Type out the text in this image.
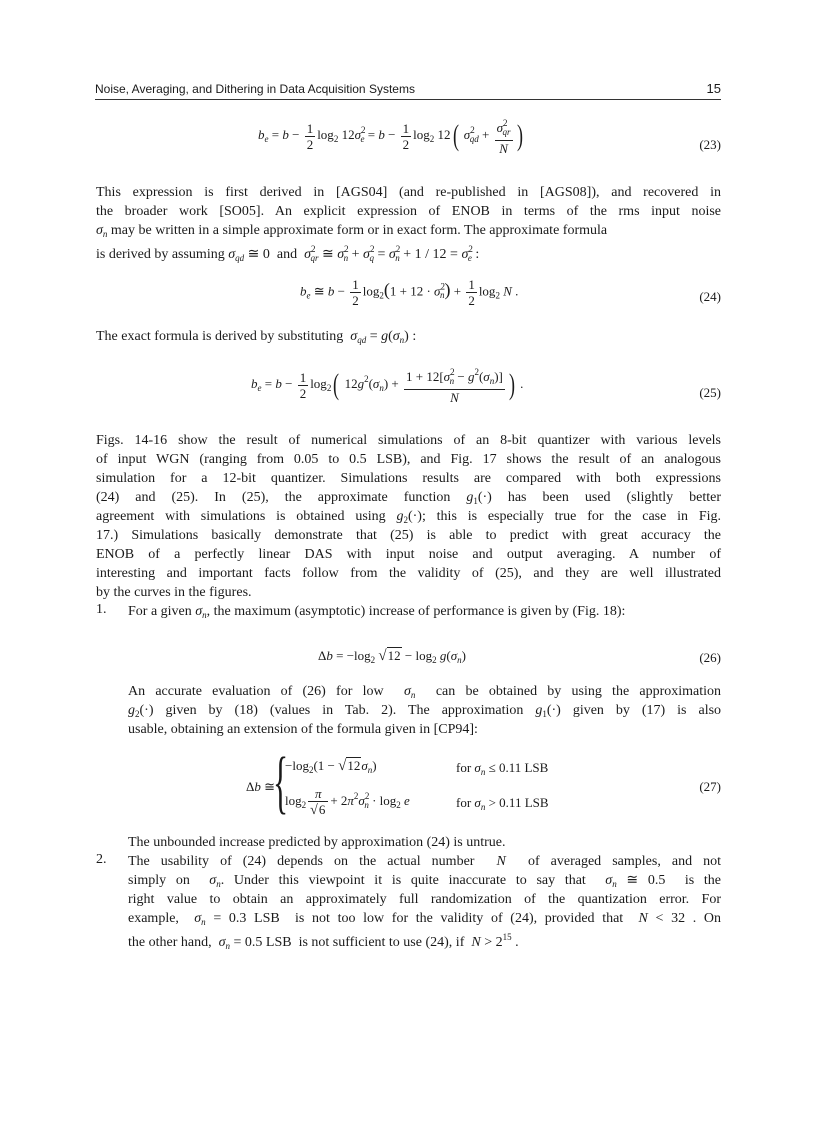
Noise, Averaging, and Dithering in Data Acquisition Systems	15
$b_e = b - \frac{1}{2} \log_2 12\sigma^2_e = b - \frac{1}{2} \log_2 12$( $\sigma^2_{qd} + \frac{\sigma^2_{qr}}{N}$ )	(23)
This expression is first derived in [AGS04] (and re-published in [AGS08]), and recovered in
the broader work [SO05]. An explicit expression of ENOB in terms of the rms input noise
$\sigma_n$ may be written in a simple approximate form or in exact form. The approximate formula
is derived by assuming $\sigma_{qd}$ ≅ 0  and $\sigma^2_{qr}$ ≅ $\sigma^2_n + \sigma^2_q = \sigma^2_n + 1 / 12 = \sigma^2_e$ :
$b_e$ ≅ $b - \frac{1}{2} \log_2(1 + 12 \cdot \sigma^2_n) + \frac{1}{2} \log_2 N$ .	(24)
The exact formula is derived by substituting $\sigma_{qd} = g(\sigma_n)$ :
$b_e = b - \frac{1}{2} \log_2$( $12g^2(\sigma_n) + \frac{1 + 12[\sigma^2_n - g^2(\sigma_n)]}{N}$ ) .
(25)
Figs. 14-16 show the result of numerical simulations of an 8-bit quantizer with various levels
of input WGN (ranging from 0.05 to 0.5 LSB), and Fig. 17 shows the result of an analogous
simulation for a 12-bit quantizer. Simulations results are compared with both expressions
(24) and (25). In (25), the approximate function $g_1(\cdot)$ has been used (slightly better
agreement with simulations is obtained using $g_2(\cdot)$; this is especially true for the case in Fig.
17.) Simulations basically demonstrate that (25) is able to predict with great accuracy the
ENOB of a perfectly linear DAS with input noise and output averaging. A number of
interesting and important facts follow from the validity of (25), and they are well illustrated
by the curves in the figures.
1. For a given $\sigma_n$, the maximum (asymptotic) increase of performance is given by (Fig. 18):
$\Delta b = -\log_2$ $√12 - \log_2 g(\sigma_n)$	(26)
An accurate evaluation of (26) for low $\sigma_n$ can be obtained by using the approximation
$g_2(\cdot)$ given by (18) (values in Tab. 2). The approximation $g_1(\cdot)$ given by (17) is also
usable, obtaining an extension of the formula given in [CP94]:
Δb ≅
{
$-\log_2(1 - √12\sigma_n)$	for $\sigma_n \le 0.11$ LSB
$\log_2 \frac{\pi}{√6} + 2\pi^2\sigma^2_n \cdot \log_2 e$	for $\sigma_n > 0.11$ LSB
(27)
The unbounded increase predicted by approximation (24) is untrue.
2. The usability of (24) depends on the actual number N of averaged samples, and not
simply on $\sigma_n$. Under this viewpoint it is quite inaccurate to say that $\sigma_n$ ≅ 0.5  is the
right value to obtain an approximately full randomization of the quantization error. For
example, $\sigma_n = 0.3$ LSB  is not too low for the validity of (24), provided that N < 32 . On
the other hand, $\sigma_n = 0.5$ LSB  is not sufficient to use (24), if $N > 2^{15}$ .
